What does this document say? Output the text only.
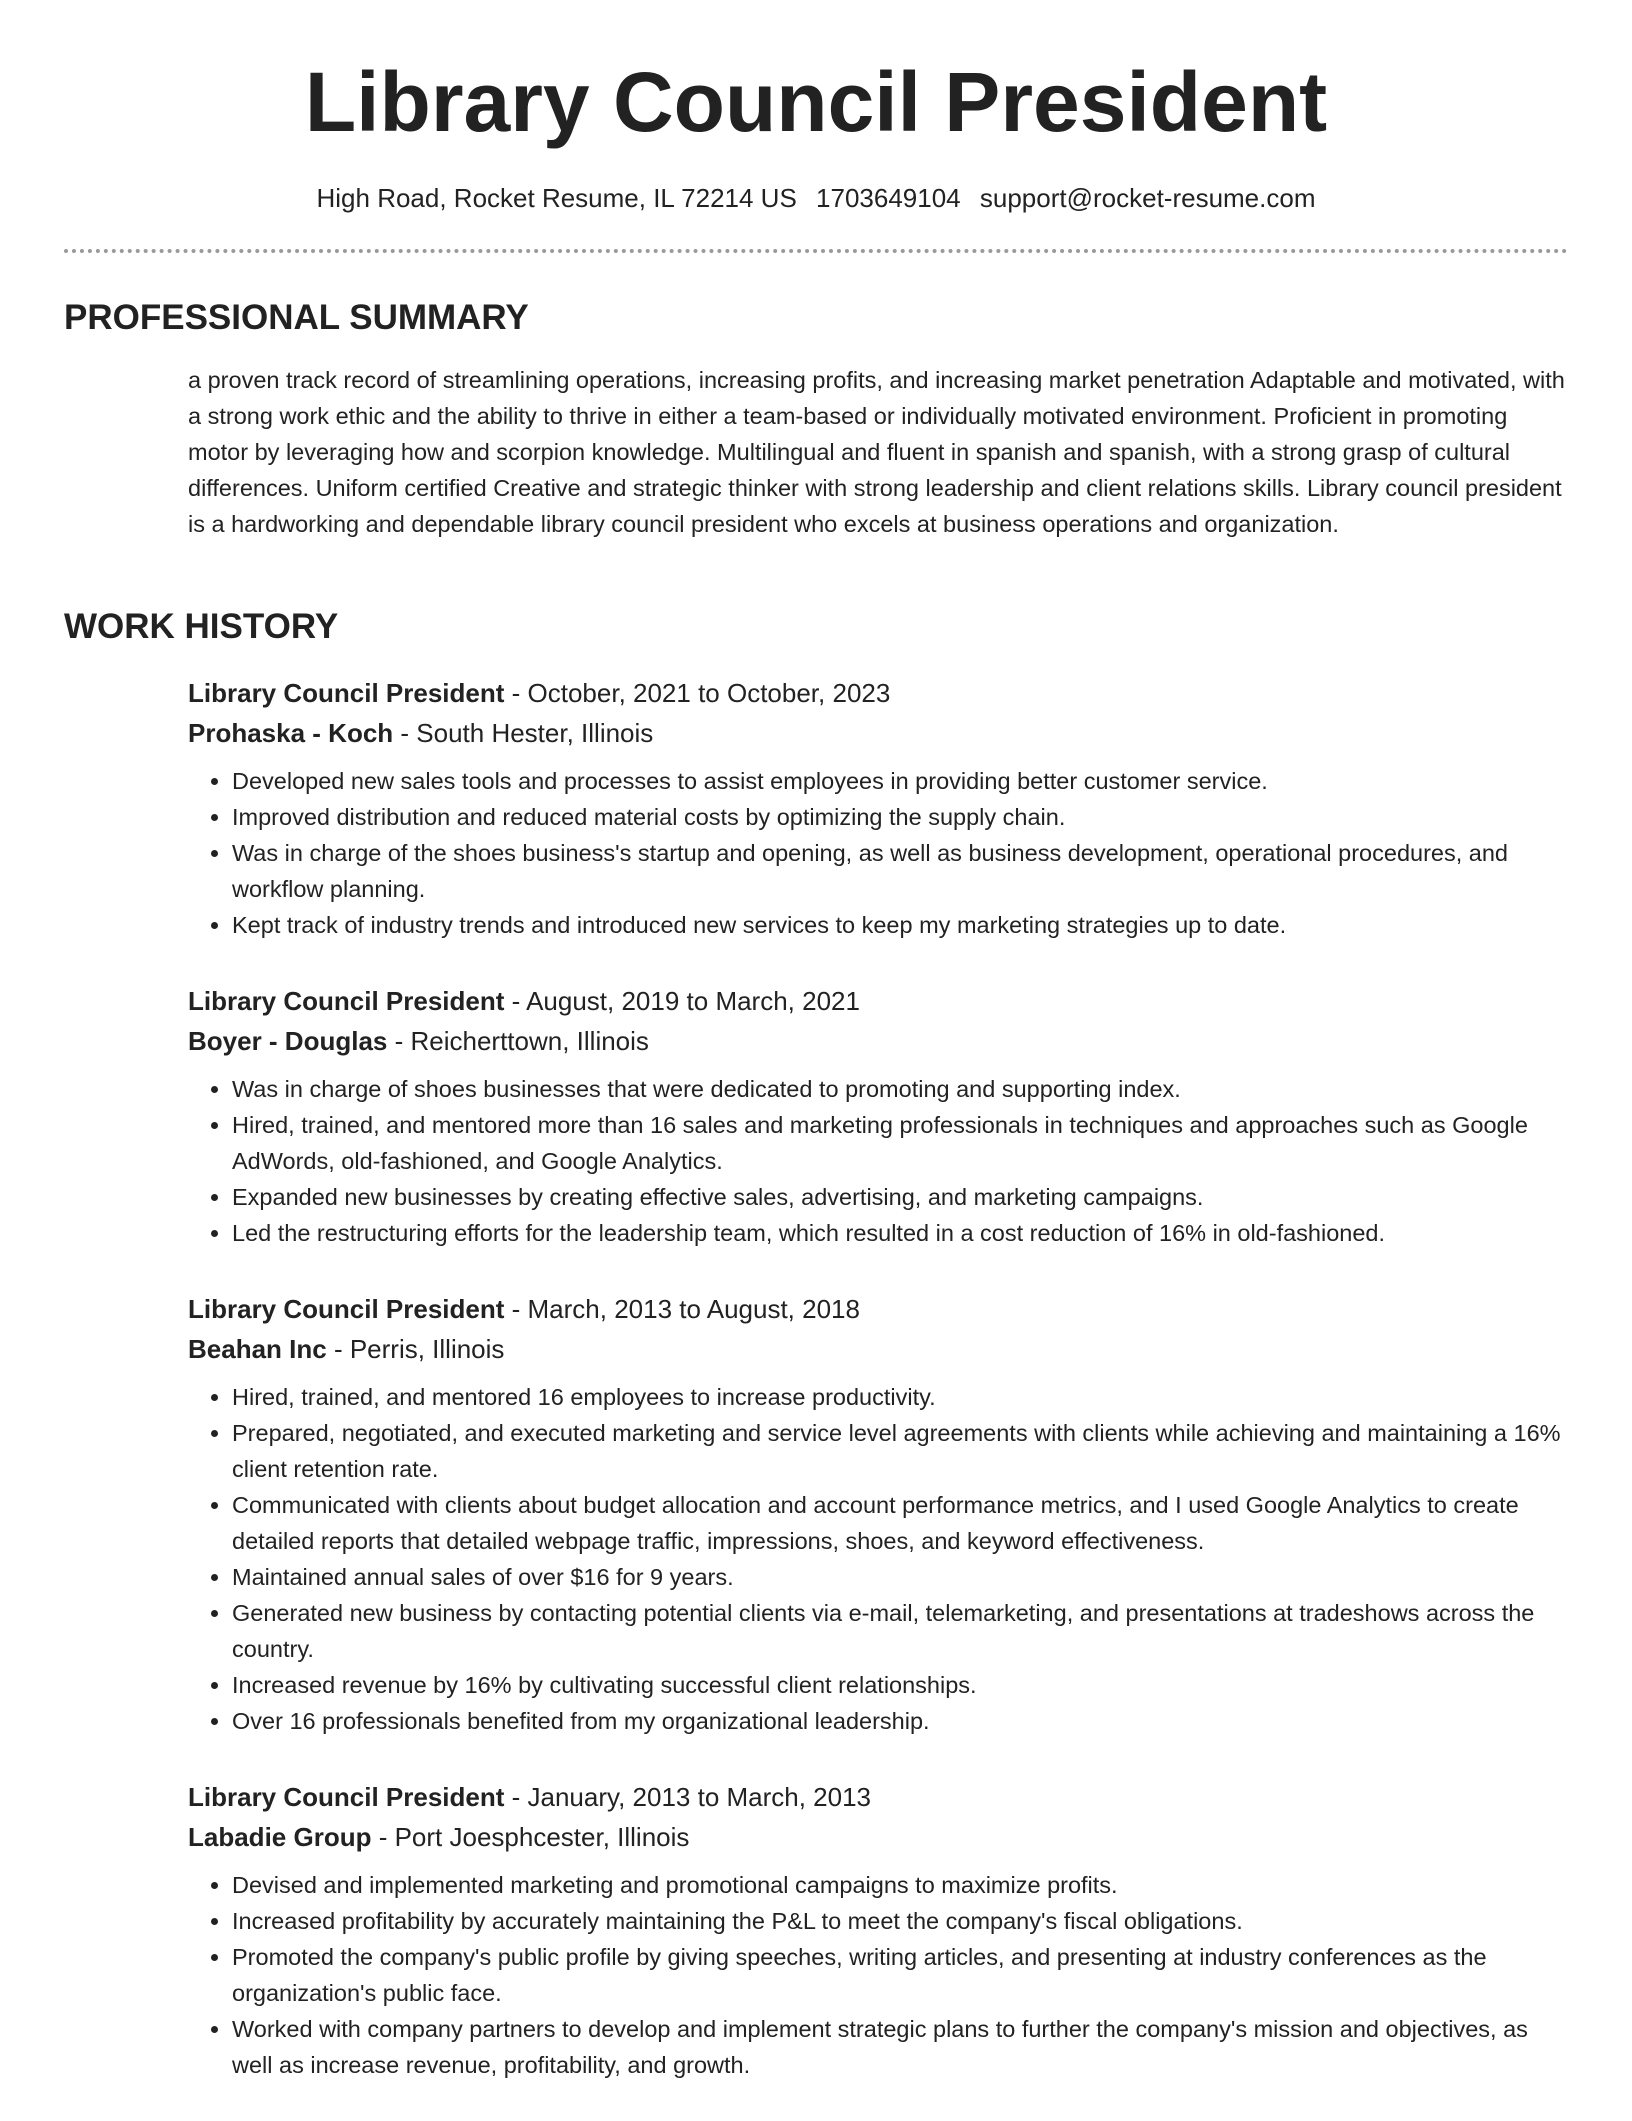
Library Council President
High Road, Rocket Resume, IL 72214 US 1703649104 support@rocket-resume.com
PROFESSIONAL SUMMARY

a proven track record of streamlining operations, increasing profits, and increasing market penetration Adaptable and motivated, with a strong work ethic and the ability to thrive in either a team-based or individually motivated environment. Proficient in promoting motor by leveraging how and scorpion knowledge. Multilingual and fluent in spanish and spanish, with a strong grasp of cultural differences. Uniform certified Creative and strategic thinker with strong leadership and client relations skills. Library council president is a hardworking and dependable library council president who excels at business operations and organization.

WORK HISTORY

Library Council President - October, 2021 to October, 2023

Prohaska - Koch - South Hester, Illinois

• Developed new sales tools and processes to assist employees in providing better customer service.
• Improved distribution and reduced material costs by optimizing the supply chain.
• Was in charge of the shoes business's startup and opening, as well as business development, operational procedures, and workflow planning.
• Kept track of industry trends and introduced new services to keep my marketing strategies up to date.

Library Council President - August, 2019 to March, 2021

Boyer - Douglas - Reicherttown, Illinois

• Was in charge of shoes businesses that were dedicated to promoting and supporting index.
• Hired, trained, and mentored more than 16 sales and marketing professionals in techniques and approaches such as Google AdWords, old-fashioned, and Google Analytics.
• Expanded new businesses by creating effective sales, advertising, and marketing campaigns.
• Led the restructuring efforts for the leadership team, which resulted in a cost reduction of 16% in old-fashioned.

Library Council President - March, 2013 to August, 2018

Beahan Inc - Perris, Illinois

• Hired, trained, and mentored 16 employees to increase productivity.
• Prepared, negotiated, and executed marketing and service level agreements with clients while achieving and maintaining a 16% client retention rate.
• Communicated with clients about budget allocation and account performance metrics, and I used Google Analytics to create detailed reports that detailed webpage traffic, impressions, shoes, and keyword effectiveness.
• Maintained annual sales of over $16 for 9 years.
• Generated new business by contacting potential clients via e-mail, telemarketing, and presentations at tradeshows across the country.
• Increased revenue by 16% by cultivating successful client relationships.
• Over 16 professionals benefited from my organizational leadership.

Library Council President - January, 2013 to March, 2013

Labadie Group - Port Joesphcester, Illinois

• Devised and implemented marketing and promotional campaigns to maximize profits.
• Increased profitability by accurately maintaining the P&L to meet the company's fiscal obligations.
• Promoted the company's public profile by giving speeches, writing articles, and presenting at industry conferences as the organization's public face.
• Worked with company partners to develop and implement strategic plans to further the company's mission and objectives, as well as increase revenue, profitability, and growth.
